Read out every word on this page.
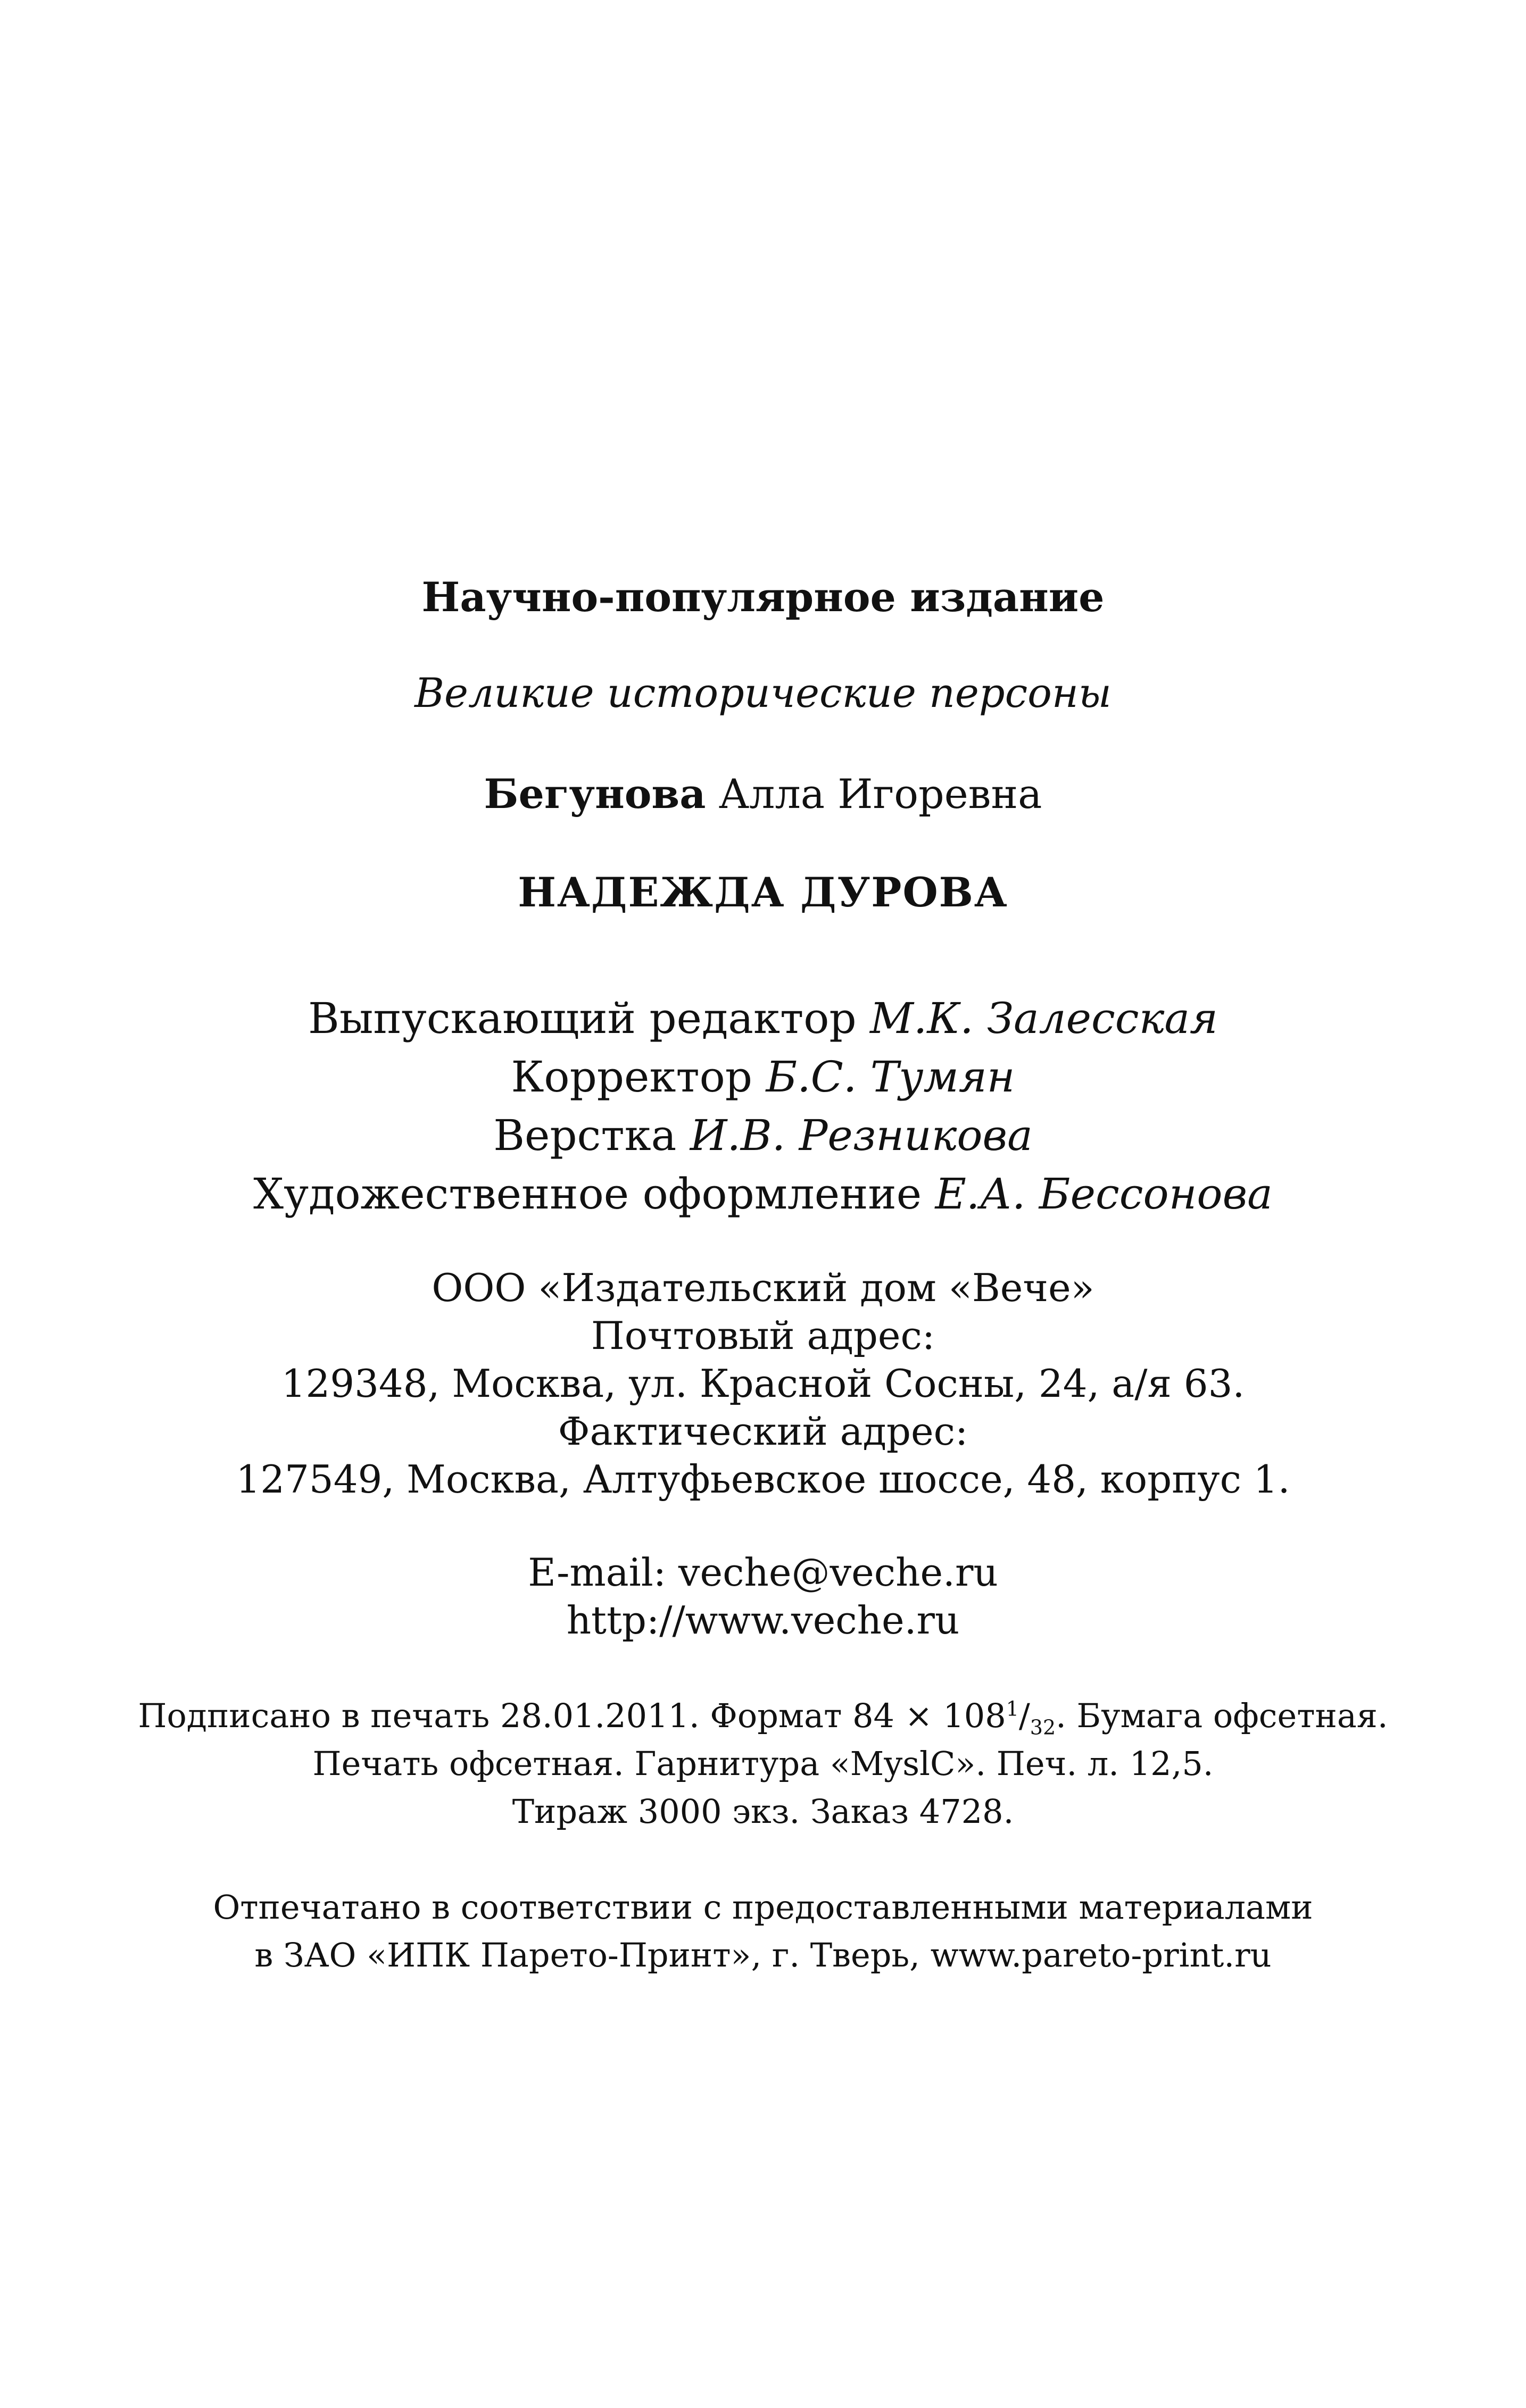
Научно-популярное издание
Великие исторические персоны
Бегунова Алла Игоревна
НАДЕЖДА ДУРОВА
Выпускающий редактор М.К. Залесская
Корректор Б.С. Тумян
Верстка И.В. Резникова
Художественное оформление Е.А. Бессонова
ООО «Издательский дом «Вече»
Почтовый адрес:
129348, Москва, ул. Красной Сосны, 24, а/я 63.
Фактический адрес:
127549, Москва, Алтуфьевское шоссе, 48, корпус 1.
E-mail: veche@veche.ru
http://www.veche.ru
Подписано в печать 28.01.2011. Формат $84 \times 108^1/_{32}$. Бумага офсетная.
Печать офсетная. Гарнитура «MyslC». Печ. л. 12,5.
Тираж 3000 экз. Заказ 4728.
Отпечатано в соответствии с предоставленными материалами
в ЗАО «ИПК Парето-Принт», г. Тверь, www.pareto-print.ru
